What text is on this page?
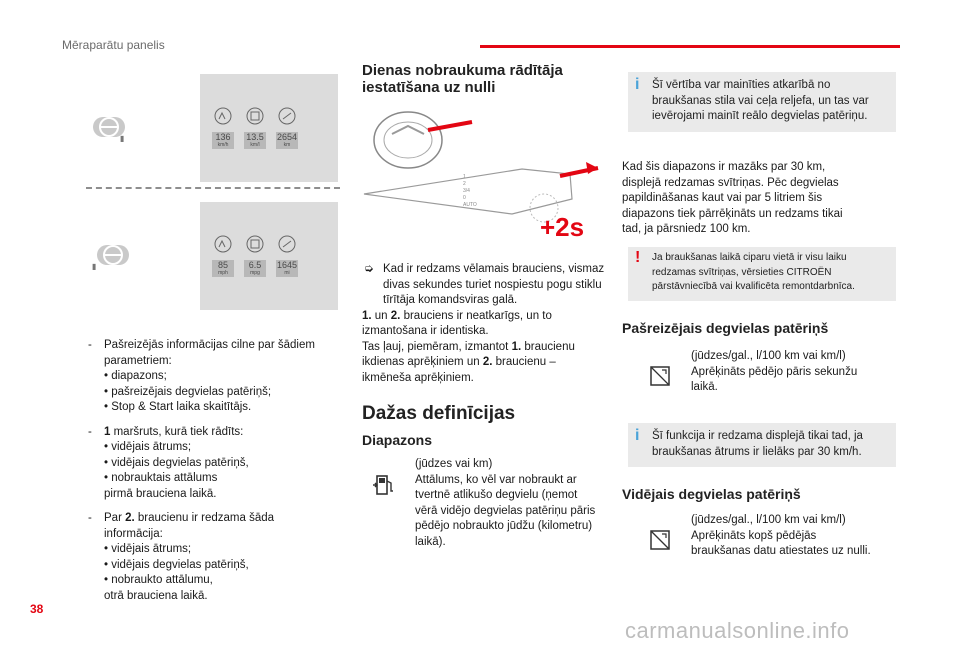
Mēraparātu panelis
▮	136
km/h
13.5
km/l
2654
km
▮	85
mph
6.5
mpg
1645
mi
-	Pašreizējās informācijas cilne par šādiem

parametriem:

• diapazons;

• pašreizējais degvielas patēriņš;

• Stop & Start laika skaitītājs.

-	1 maršruts, kurā tiek rādīts:

• vidējais ātrums;

• vidējais degvielas patēriņš,

• nobrauktais attālums

pirmā brauciena laikā.

-	Par 2. braucienu ir redzama šāda

informācija:

• vidējais ātrums;

• vidējais degvielas patēriņš,

• nobraukto attālumu,

otrā brauciena laikā.

Dienas nobraukuma rādītāja
iestatīšana uz nulli
1
2
3/4
0
AUTO
+2s
➭ Kad ir redzams vēlamais brauciens, vismaz
divas sekundes turiet nospiestu pogu stiklu
tīrītāja komandsviras galā.
1. un 2. brauciens ir neatkarīgs, un to
izmantošana ir identiska.
Tas ļauj, piemēram, izmantot 1. braucienu
ikdienas aprēķiniem un 2. braucienu –
ikmēneša aprēķiniem.
Dažas definīcijas
Diapazons
(jūdzes vai km)
Attālums, ko vēl var nobraukt ar
tvertnē atlikušo degvielu (ņemot
vērā vidējo degvielas patēriņu pāris
pēdējo nobraukto jūdžu (kilometru)
laikā).
i Šī vērtība var mainīties atkarībā no
braukšanas stila vai ceļa reljefa, un tas var
ievērojami mainīt reālo degvielas patēriņu.
Kad šis diapazons ir mazāks par 30 km,
displejā redzamas svītriņas. Pēc degvielas
papildināšanas kaut vai par 5 litriem šis
diapazons tiek pārrēķināts un redzams tikai
tad, ja pārsniedz 100 km.
! Ja braukšanas laikā ciparu vietā ir visu laiku
redzamas svītriņas, vērsieties CITROËN
pārstāvniecībā vai kvalificēta remontdarbnīca.
Pašreizējais degvielas patēriņš
(jūdzes/gal., l/100 km vai km/l)
Aprēķināts pēdējo pāris sekunžu
laikā.
i Šī funkcija ir redzama displejā tikai tad, ja
braukšanas ātrums ir lielāks par 30 km/h.
Vidējais degvielas patēriņš
(jūdzes/gal., l/100 km vai km/l)
Aprēķināts kopš pēdējās
braukšanas datu atiestates uz nulli.
38
carmanualsonline.info
